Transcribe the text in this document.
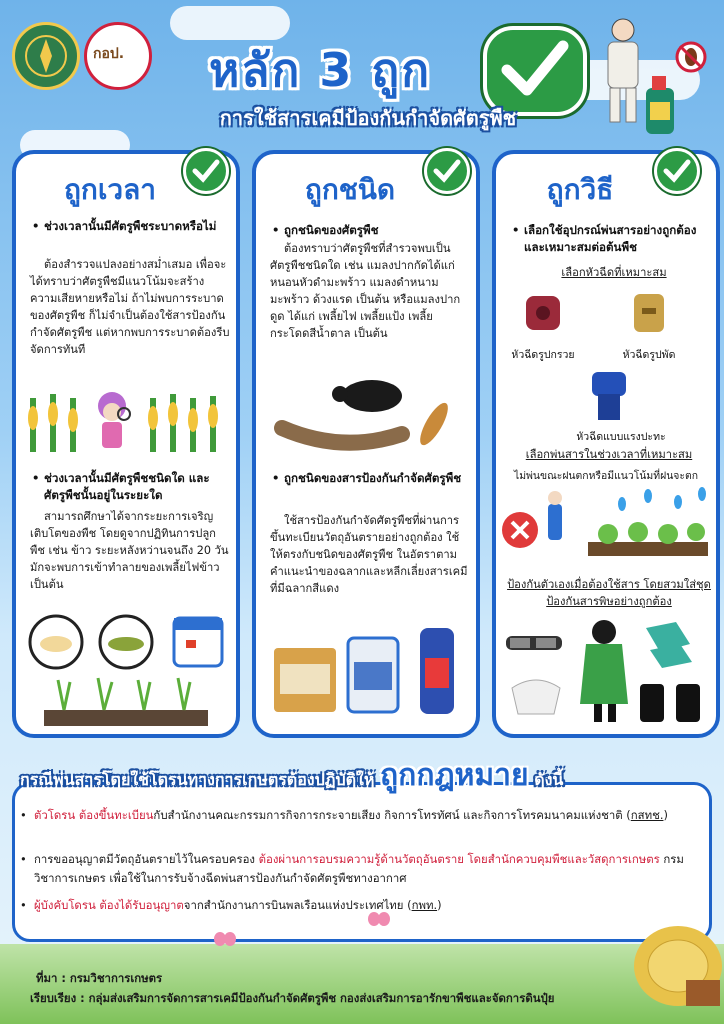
กอป.	หลัก 3 ถูก
การใช้สารเคมีป้องกันกำจัดศัตรูพืช
ถูกเวลา
• ช่วงเวลานั้นมีศัตรูพืชระบาดหรือไม่
ต้องสำรวจแปลงอย่างสม่ำเสมอ เพื่อจะได้ทราบว่าศัตรูพืชมีแนวโน้มจะสร้างความเสียหายหรือไม่ ถ้าไม่พบการระบาดของศัตรูพืช ก็ไม่จำเป็นต้องใช้สารป้องกันกำจัดศัตรูพืช แต่หากพบการระบาดต้องรีบจัดการทันที
• ช่วงเวลานั้นมีศัตรูพืชชนิดใด และศัตรูพืชนั้นอยู่ในระยะใด
สามารถศึกษาได้จากระยะการเจริญเติบโตของพืช โดยดูจากปฏิทินการปลูกพืช เช่น ข้าว ระยะหลังหว่านจนถึง 20 วัน มักจะพบการเข้าทำลายของเพลี้ยไฟข้าว เป็นต้น
ถูกชนิด
• ถูกชนิดของศัตรูพืช
ต้องทราบว่าศัตรูพืชที่สำรวจพบเป็นศัตรูพืชชนิดใด เช่น แมลงปากกัดได้แก่ หนอนหัวดำมะพร้าว แมลงดำหนามมะพร้าว ด้วงแรด เป็นต้น หรือแมลงปากดูด ได้แก่ เพลี้ยไฟ เพลี้ยแป้ง เพลี้ยกระโดดสีน้ำตาล เป็นต้น
• ถูกชนิดของสารป้องกันกำจัดศัตรูพืช
ใช้สารป้องกันกำจัดศัตรูพืชที่ผ่านการขึ้นทะเบียนวัตถุอันตรายอย่างถูกต้อง ใช้ให้ตรงกับชนิดของศัตรูพืช ในอัตราตามคำแนะนำของฉลากและหลีกเลี่ยงสารเคมีที่มีฉลากสีแดง
ถูกวิธี
• เลือกใช้อุปกรณ์พ่นสารอย่างถูกต้อง และเหมาะสมต่อต้นพืช
เลือกหัวฉีดที่เหมาะสม
หัวฉีดรูปกรวย	หัวฉีดรูปพัด
หัวฉีดแบบแรงปะทะ
เลือกพ่นสารในช่วงเวลาที่เหมาะสม
ไม่พ่นขณะฝนตกหรือมีแนวโน้มที่ฝนจะตก
ป้องกันตัวเองเมื่อต้องใช้สาร โดยสวมใส่ชุดป้องกันสารพิษอย่างถูกต้อง
กรณีพ่นสารโดยใช้โดรนทางการเกษตรต้องปฏิบัติให้ ถูกกฎหมาย ดังนี้
• ตัวโดรน ต้องขึ้นทะเบียนกับสำนักงานคณะกรรมการกิจการกระจายเสียง กิจการโทรทัศน์ และกิจการโทรคมนาคมแห่งชาติ (กสทช.)
• การขออนุญาตมีวัตถุอันตรายไว้ในครอบครอง ต้องผ่านการอบรมความรู้ด้านวัตถุอันตราย โดยสำนักควบคุมพืชและวัสดุการเกษตร กรมวิชาการเกษตร เพื่อใช้ในการรับจ้างฉีดพ่นสารป้องกันกำจัดศัตรูพืชทางอากาศ
• ผู้บังคับโดรน ต้องได้รับอนุญาตจากสำนักงานการบินพลเรือนแห่งประเทศไทย (กพท.)
ที่มา : กรมวิชาการเกษตร
เรียบเรียง : กลุ่มส่งเสริมการจัดการสารเคมีป้องกันกำจัดศัตรูพืช กองส่งเสริมการอารักขาพืชและจัดการดินปุ๋ย
